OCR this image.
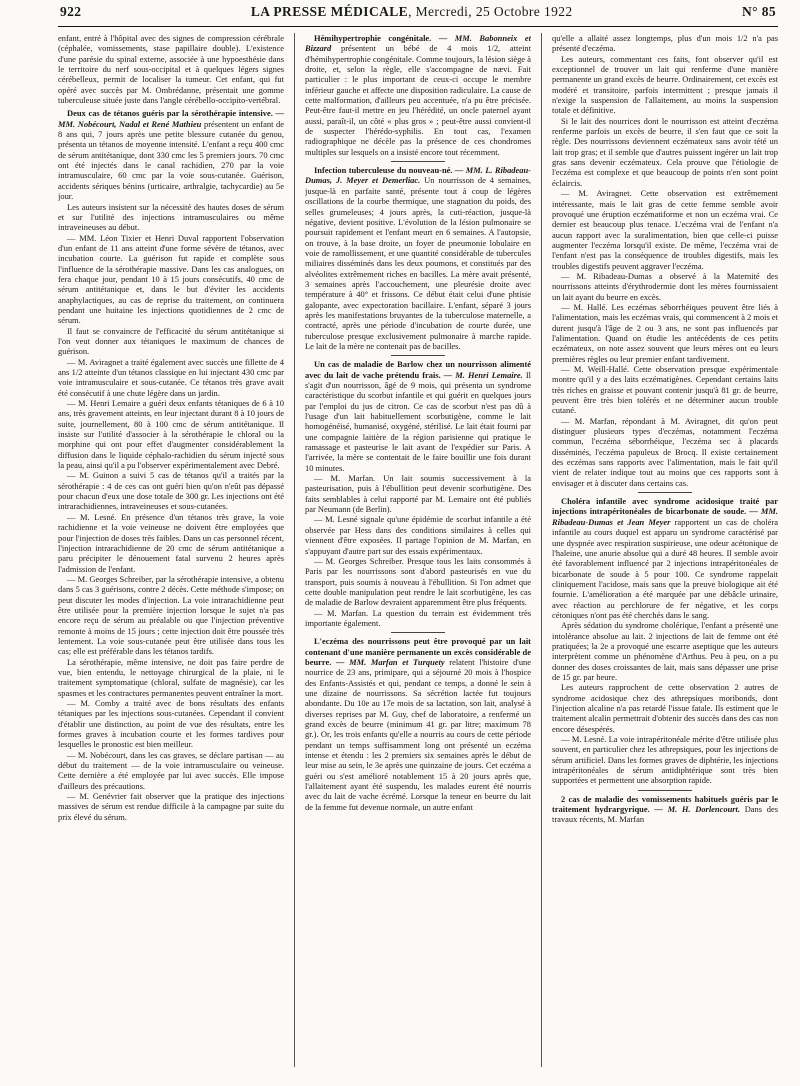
922	LA PRESSE MÉDICALE, Mercredi, 25 Octobre 1922	N° 85

enfant, entré à l'hôpital avec des signes de compression cérébrale (céphalée, vomissements, stase papillaire double). L'existence d'une parésie du spinal externe, associée à une hypoesthésie dans le territoire du nerf sous-occipital et à quelques légers signes cérébelleux, permit de localiser la tumeur. Cet enfant, qui fut opéré avec succès par M. Ombrédanne, présentait une gomme tuberculeuse située juste dans l'angle cérébello-occipito-vertébral.

Deux cas de tétanos guéris par la sérothérapie intensive. — MM. Nobécourt, Nadal et René Mathieu présentent un enfant de 8 ans qui, 7 jours après une petite blessure cutanée du genou, présenta un tétanos de moyenne intensité. L'enfant a reçu 400 cmc de sérum antitétanique, dont 330 cmc les 5 premiers jours. 70 cmc ont été injectés dans le canal rachidien, 270 par la voie intramusculaire, 60 cmc par la voie sous-cutanée. Guérison, accidents sériques bénins (urticaire, arthralgie, tachycardie) au 5e jour.

Les auteurs insistent sur la nécessité des hautes doses de sérum et sur l'utilité des injections intramusculaires ou même intraveineuses au début.

— MM. Léon Tixier et Henri Duval rapportent l'observation d'un enfant de 11 ans atteint d'une forme sévère de tétanos, avec incubation courte. La guérison fut rapide et complète sous l'influence de la sérothérapie massive. Dans les cas analogues, on fera chaque jour, pendant 10 à 15 jours consécutifs, 40 cmc de sérum antitétanique et, dans le but d'éviter les accidents anaphylactiques, au cas de reprise du traitement, on continuera pendant une huitaine les injections quotidiennes de 2 cmc de sérum.

Il faut se convaincre de l'efficacité du sérum antitétanique si l'on veut donner aux tétaniques le maximum de chances de guérison.

— M. Aviragnet a traité également avec succès une fillette de 4 ans 1/2 atteinte d'un tétanos classique en lui injectant 430 cmc par voie intramusculaire et sous-cutanée. Ce tétanos très grave avait été consécutif à une chute légère dans un jardin.

— M. Henri Lemaire a guéri deux enfants tétaniques de 6 à 10 ans, très gravement atteints, en leur injectant durant 8 à 10 jours de suite, journellement, 80 à 100 cmc de sérum antitétanique. Il insiste sur l'utilité d'associer à la sérothérapie le chloral ou la morphine qui ont pour effet d'augmenter considérablement la diffusion dans le liquide céphalo-rachidien du sérum injecté sous la peau, ainsi qu'il a pu l'observer expérimentalement avec Debré.

— M. Guinon a suivi 5 cas de tétanos qu'il a traités par la sérothérapie : 4 de ces cas ont guéri bien qu'on n'eût pas dépassé pour chacun d'eux une dose totale de 300 gr. Les injections ont été intrarachidiennes, intraveineuses et sous-cutanées.

— M. Lesné. En présence d'un tétanos très grave, la voie rachidienne et la voie veineuse ne doivent être employées que pour l'injection de doses très faibles. Dans un cas personnel récent, l'injection intrarachidienne de 20 cmc de sérum antitétanique a paru précipiter le dénouement fatal survenu 2 heures après l'admission de l'enfant.

— M. Georges Schreiber, par la sérothérapie intensive, a obtenu dans 5 cas 3 guérisons, contre 2 décès. Cette méthode s'impose; on peut discuter les modes d'injection. La voie intrarachidienne peut être utilisée pour la première injection lorsque le sujet n'a pas encore reçu de sérum au préalable ou que l'injection préventive remonte à moins de 15 jours ; cette injection doit être poussée très lentement. La voie sous-cutanée peut être utilisée dans tous les cas; elle est préférable dans les tétanos tardifs.

La sérothérapie, même intensive, ne doit pas faire perdre de vue, bien entendu, le nettoyage chirurgical de la plaie, ni le traitement symptomatique (chloral, sulfate de magnésie), car les spasmes et les contractures permanentes peuvent entraîner la mort.

— M. Comby a traité avec de bons résultats des enfants tétaniques par les injections sous-cutanées. Cependant il convient d'établir une distinction, au point de vue des résultats, entre les formes graves à incubation courte et les formes tardives pour lesquelles le pronostic est bien meilleur.

— M. Nobécourt, dans les cas graves, se déclare partisan — au début du traitement — de la voie intramusculaire ou veineuse. Cette dernière a été employée par lui avec succès. Elle impose d'ailleurs des précautions.

— M. Genévrier fait observer que la pratique des injections massives de sérum est rendue difficile à la campagne par suite du prix élevé du sérum.

Hémihypertrophie congénitale. — MM. Babonneix et Bizzard présentent un bébé de 4 mois 1/2, atteint d'hémihypertrophie congénitale. Comme toujours, la lésion siège à droite, et, selon la règle, elle s'accompagne de nævi. Fait particulier : le plus important de ceux-ci occupe le membre inférieur gauche et affecte une disposition radiculaire. La cause de cette malformation, d'ailleurs peu accentuée, n'a pu être précisée. Peut-être faut-il mettre en jeu l'hérédité, un oncle paternel ayant aussi, paraît-il, un côté « plus gros » ; peut-être aussi convient-il de suspecter l'hérédo-syphilis. En tout cas, l'examen radiographique ne décèle pas la présence de ces chondromes multiples sur lesquels on a insisté encore tout récemment.
Infection tuberculeuse du nouveau-né. — MM. L. Ribadeau-Dumas, J. Meyer et Demerliac. Un nourrisson de 4 semaines, jusque-là en parfaite santé, présente tout à coup de légères oscillations de la courbe thermique, une stagnation du poids, des selles grumeleuses; 4 jours après, la cuti-réaction, jusque-là négative, devient positive. L'évolution de la lésion pulmonaire se poursuit rapidement et l'enfant meurt en 6 semaines. A l'autopsie, on trouve, à la base droite, un foyer de pneumonie lobulaire en voie de ramollissement, et une quantité considérable de tubercules miliaires disséminés dans les deux poumons, et constitués par des alvéolites extrêmement riches en bacilles. La mère avait présenté, 3 semaines après l'accouchement, une pleurésie droite avec température à 40° et frissons. Ce début était celui d'une phtisie galopante, avec expectoration bacillaire. L'enfant, séparé 3 jours après les manifestations bruyantes de la tuberculose maternelle, a contracté, après une période d'incubation de courte durée, une tuberculose presque exclusivement pulmonaire à marche rapide. Le lait de la mère ne contenait pas de bacilles.
Un cas de maladie de Barlow chez un nourrisson alimenté avec du lait de vache prétendu frais. — M. Henri Lemaire. Il s'agit d'un nourrisson, âgé de 9 mois, qui présenta un syndrome caractéristique du scorbut infantile et qui guérit en quelques jours par l'emploi du jus de citron. Ce cas de scorbut n'est pas dû à l'usage d'un lait habituellement scorbutigène, comme le lait homogénéisé, humanisé, oxygéné, stérilisé. Le lait était fourni par une compagnie laitière de la région parisienne qui pratique le ramassage et pasteurise le lait avant de l'expédier sur Paris. A l'arrivée, la mère se contentait de le faire bouillir une fois durant 10 minutes.

— M. Marfan. Un lait soumis successivement à la pasteurisation, puis à l'ébullition peut devenir scorbutigène. Des faits semblables à celui rapporté par M. Lemaire ont été publiés par Neumann (de Berlin).

— M. Lesné signale qu'une épidémie de scorbut infantile a été observée par Hess dans des conditions similaires à celles qui viennent d'être exposées. Il partage l'opinion de M. Marfan, en s'appuyant d'autre part sur des essais expérimentaux.

— M. Georges Schreiber. Presque tous les laits consommés à Paris par les nourrissons sont d'abord pasteurisés en vue du transport, puis soumis à nouveau à l'ébullition. Si l'on admet que cette double manipulation peut rendre le lait scorbutigène, les cas de maladie de Barlow devraient apparemment être plus fréquents.

— M. Marfan. La question du terrain est évidemment très importante également.

L'eczéma des nourrissons peut être provoqué par un lait contenant d'une manière permanente un excès considérable de beurre. — MM. Marfan et Turquety relatent l'histoire d'une nourrice de 23 ans, primipare, qui a séjourné 20 mois à l'hospice des Enfants-Assistés et qui, pendant ce temps, a donné le sein à une dizaine de nourrissons. Sa sécrétion lactée fut toujours abondante. Du 10e au 17e mois de sa lactation, son lait, analysé à diverses reprises par M. Guy, chef de laboratoire, a renfermé un grand excès de beurre (minimum 41 gr. par litre; maximum 78 gr.). Or, les trois enfants qu'elle a nourris au cours de cette période pendant un temps suffisamment long ont présenté un eczéma intense et étendu : les 2 premiers six semaines après le début de leur mise au sein, le 3e après une quinzaine de jours. Cet eczéma a guéri ou s'est amélioré notablement 15 à 20 jours après que, l'allaitement ayant été suspendu, les malades eurent été nourris avec du lait de vache écrémé. Lorsque la teneur en beurre du lait de la femme fut devenue normale, un autre enfant

qu'elle a allaité assez longtemps, plus d'un mois 1/2 n'a pas présenté d'eczéma.

Les auteurs, commentant ces faits, font observer qu'il est exceptionnel de trouver un lait qui renferme d'une manière permanente un grand excès de beurre. Ordinairement, cet excès est modéré et transitoire, parfois intermittent ; presque jamais il n'exige la suspension de l'allaitement, au moins la suspension totale et définitive.

Si le lait des nourrices dont le nourrisson est atteint d'eczéma renferme parfois un excès de beurre, il s'en faut que ce soit la règle. Des nourrissons deviennent eczémateux sans avoir tété un lait trop gras; et il semble que d'autres puissent ingérer un lait trop gras sans devenir eczémateux. Cela prouve que l'étiologie de l'eczéma est complexe et que beaucoup de points n'en sont point éclaircis.

— M. Aviragnet. Cette observation est extrêmement intéressante, mais le lait gras de cette femme semble avoir provoqué une éruption eczématiforme et non un eczéma vrai. Ce dernier est beaucoup plus tenace. L'eczéma vrai de l'enfant n'a aucun rapport avec la suralimentation, bien que celle-ci puisse augmenter l'eczéma lorsqu'il existe. De même, l'eczéma vrai de l'enfant n'est pas la conséquence de troubles digestifs, mais les troubles digestifs peuvent aggraver l'eczéma.

— M. Ribadeau-Dumas a observé à la Maternité des nourrissons atteints d'érythrodermie dont les mères fournissaient un lait ayant du beurre en excès.

— M. Hallé. Les eczémas séborrhéiques peuvent être liés à l'alimentation, mais les eczémas vrais, qui commencent à 2 mois et durent jusqu'à l'âge de 2 ou 3 ans, ne sont pas influencés par l'alimentation. Quand on étudie les antécédents de ces petits eczémateux, on note assez souvent que leurs mères ont eu leurs premières règles ou leur premier enfant tardivement.

— M. Weill-Hallé. Cette observation presque expérimentale montre qu'il y a des laits eczématigènes. Cependant certains laits très riches en graisse et pouvant contenir jusqu'à 81 gr. de beurre, peuvent être très bien tolérés et ne déterminer aucun trouble cutané.

— M. Marfan, répondant à M. Aviragnet, dit qu'on peut distinguer plusieurs types d'eczémas, notamment l'eczéma commun, l'eczéma séborrhéique, l'eczéma sec à placards disséminés, l'eczéma papuleux de Brocq. Il existe certainement des eczémas sans rapports avec l'alimentation, mais le fait qu'il vient de relater indique tout au moins que ces rapports sont à envisager et à discuter dans certains cas.

Choléra infantile avec syndrome acidosique traité par injections intrapéritonéales de bicarbonate de soude. — MM. Ribadeau-Dumas et Jean Meyer rapportent un cas de choléra infantile au cours duquel est apparu un syndrome caractérisé par une dyspnée avec respiration suspirieuse, une odeur acétonique de l'haleine, une anurie absolue qui a duré 48 heures. Il semble avoir été favorablement influencé par 2 injections intrapéritonéales de bicarbonate de soude à 5 pour 100. Ce syndrome rappelait cliniquement l'acidose, mais sans que la preuve biologique ait été fournie. L'amélioration a été marquée par une débâcle urinaire, avec réaction au perchlorure de fer négative, et les corps cétoniques n'ont pas été cherchés dans le sang.

Après sédation du syndrome cholérique, l'enfant a présenté une intolérance absolue au lait. 2 injections de lait de femme ont été pratiquées; la 2e a provoqué une escarre aseptique que les auteurs interprètent comme un phénomène d'Arthus. Peu à peu, on a pu donner des doses croissantes de lait, mais sans dépasser une prise de 15 gr. par heure.

Les auteurs rapprochent de cette observation 2 autres de syndrome acidosique chez des athrepsiques moribonds, dont l'injection alcaline n'a pas retardé l'issue fatale. Ils estiment que le traitement alcalin permettrait d'obtenir des succès dans des cas non encore désespérés.

— M. Lesné. La voie intrapéritonéale mérite d'être utilisée plus souvent, en particulier chez les athrepsiques, pour les injections de sérum artificiel. Dans les formes graves de diphtérie, les injections intrapéritonéales de sérum antidiphtérique sont très bien supportées et permettent une absorption rapide.

2 cas de maladie des vomissements habituels guéris par le traitement hydrargyrique. — M. H. Dorlencourt. Dans des travaux récents, M. Marfan
